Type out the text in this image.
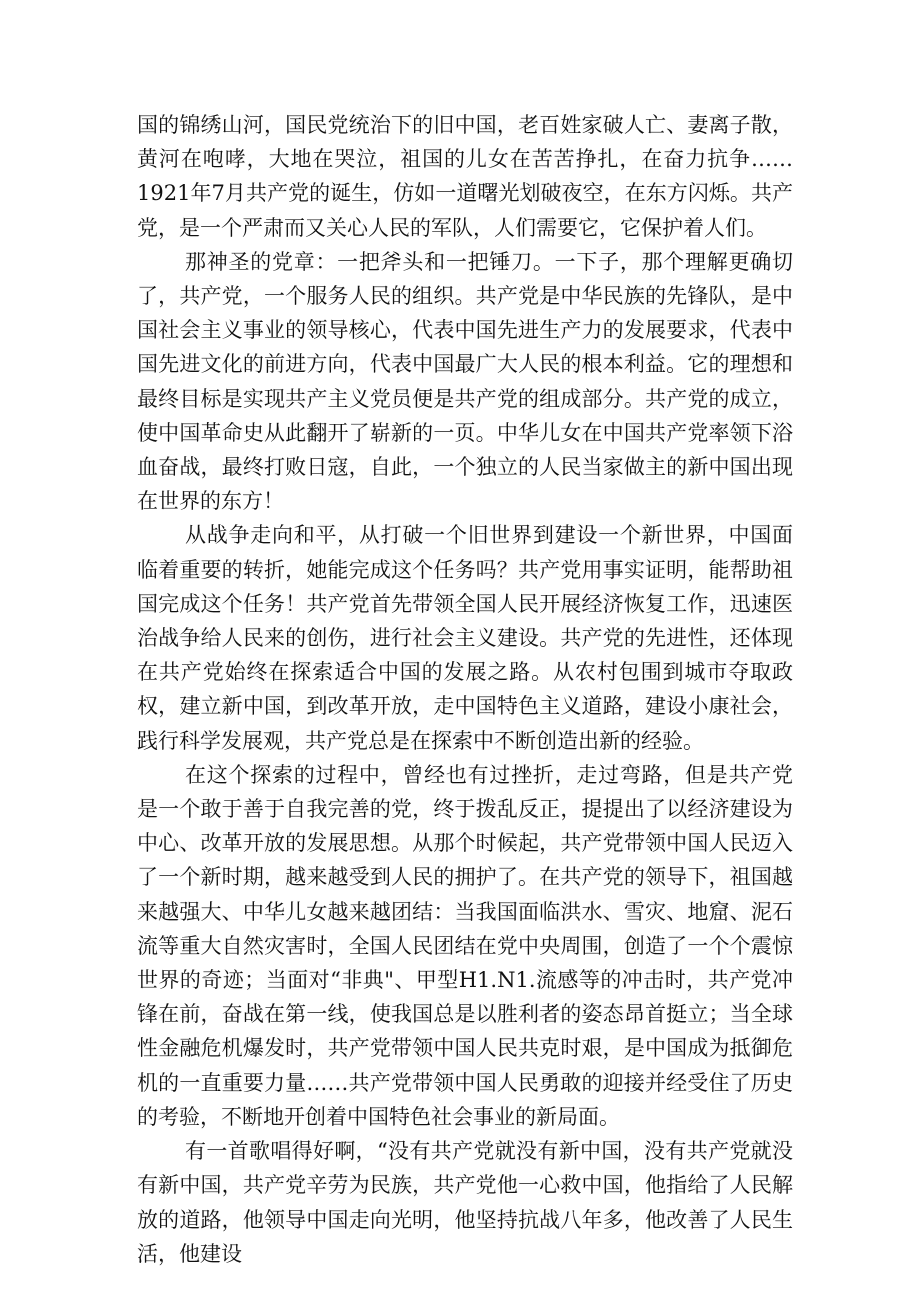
国的锦绣山河，国民党统治下的旧中国，老百姓家破人亡、妻离子散，黄河在咆哮，大地在哭泣，祖国的儿女在苦苦挣扎，在奋力抗争……1921年7月共产党的诞生，仿如一道曙光划破夜空，在东方闪烁。共产党，是一个严肃而又关心人民的军队，人们需要它，它保护着人们。

那神圣的党章：一把斧头和一把锤刀。一下子，那个理解更确切了，共产党，一个服务人民的组织。共产党是中华民族的先锋队，是中国社会主义事业的领导核心，代表中国先进生产力的发展要求，代表中国先进文化的前进方向，代表中国最广大人民的根本利益。它的理想和最终目标是实现共产主义党员便是共产党的组成部分。共产党的成立，使中国革命史从此翻开了崭新的一页。中华儿女在中国共产党率领下浴血奋战，最终打败日寇，自此，一个独立的人民当家做主的新中国出现在世界的东方！

从战争走向和平，从打破一个旧世界到建设一个新世界，中国面临着重要的转折，她能完成这个任务吗？共产党用事实证明，能帮助祖国完成这个任务！共产党首先带领全国人民开展经济恢复工作，迅速医治战争给人民来的创伤，进行社会主义建设。共产党的先进性，还体现在共产党始终在探索适合中国的发展之路。从农村包围到城市夺取政权，建立新中国，到改革开放，走中国特色主义道路，建设小康社会，践行科学发展观，共产党总是在探索中不断创造出新的经验。

在这个探索的过程中，曾经也有过挫折，走过弯路，但是共产党是一个敢于善于自我完善的党，终于拨乱反正，提提出了以经济建设为中心、改革开放的发展思想。从那个时候起，共产党带领中国人民迈入了一个新时期，越来越受到人民的拥护了。在共产党的领导下，祖国越来越强大、中华儿女越来越团结：当我国面临洪水、雪灾、地窟、泥石流等重大自然灾害时，全国人民团结在党中央周围，创造了一个个震惊世界的奇迹；当面对“非典"、甲型H1.N1.流感等的冲击时，共产党冲锋在前，奋战在第一线，使我国总是以胜利者的姿态昂首挺立；当全球性金融危机爆发时，共产党带领中国人民共克时艰，是中国成为抵御危机的一直重要力量……共产党带领中国人民勇敢的迎接并经受住了历史的考验，不断地开创着中国特色社会事业的新局面。

有一首歌唱得好啊，“没有共产党就没有新中国，没有共产党就没有新中国，共产党辛劳为民族，共产党他一心救中国，他指给了人民解放的道路，他领导中国走向光明，他坚持抗战八年多，他改善了人民生活，他建设
